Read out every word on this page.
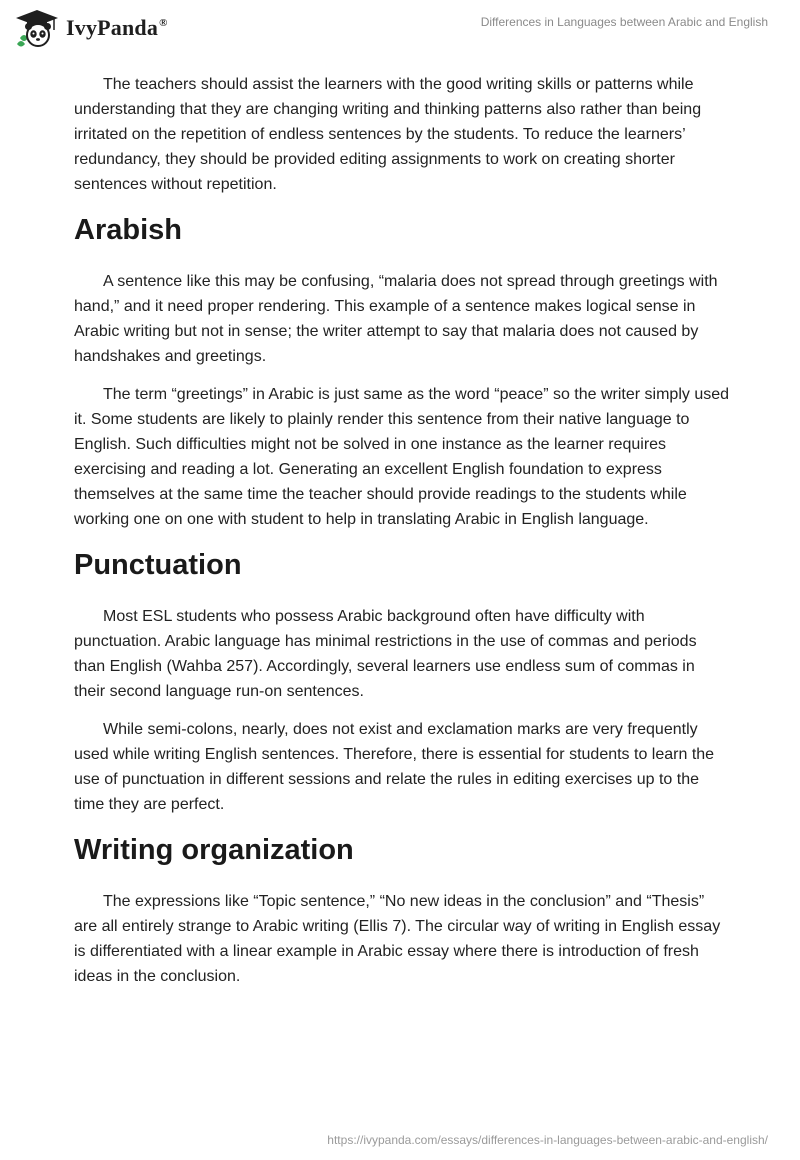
IvyPanda®	Differences in Languages between Arabic and English

The teachers should assist the learners with the good writing skills or patterns while understanding that they are changing writing and thinking patterns also rather than being irritated on the repetition of endless sentences by the students. To reduce the learners’ redundancy, they should be provided editing assignments to work on creating shorter sentences without repetition.

Arabish

A sentence like this may be confusing, “malaria does not spread through greetings with hand,” and it need proper rendering. This example of a sentence makes logical sense in Arabic writing but not in sense; the writer attempt to say that malaria does not caused by handshakes and greetings.

The term “greetings” in Arabic is just same as the word “peace” so the writer simply used it. Some students are likely to plainly render this sentence from their native language to English. Such difficulties might not be solved in one instance as the learner requires exercising and reading a lot. Generating an excellent English foundation to express themselves at the same time the teacher should provide readings to the students while working one on one with student to help in translating Arabic in English language.

Punctuation

Most ESL students who possess Arabic background often have difficulty with punctuation. Arabic language has minimal restrictions in the use of commas and periods than English (Wahba 257). Accordingly, several learners use endless sum of commas in their second language run-on sentences.

While semi-colons, nearly, does not exist and exclamation marks are very frequently used while writing English sentences. Therefore, there is essential for students to learn the use of punctuation in different sessions and relate the rules in editing exercises up to the time they are perfect.

Writing organization

The expressions like “Topic sentence,” “No new ideas in the conclusion” and “Thesis” are all entirely strange to Arabic writing (Ellis 7). The circular way of writing in English essay is differentiated with a linear example in Arabic essay where there is introduction of fresh ideas in the conclusion.

https://ivypanda.com/essays/differences-in-languages-between-arabic-and-english/
